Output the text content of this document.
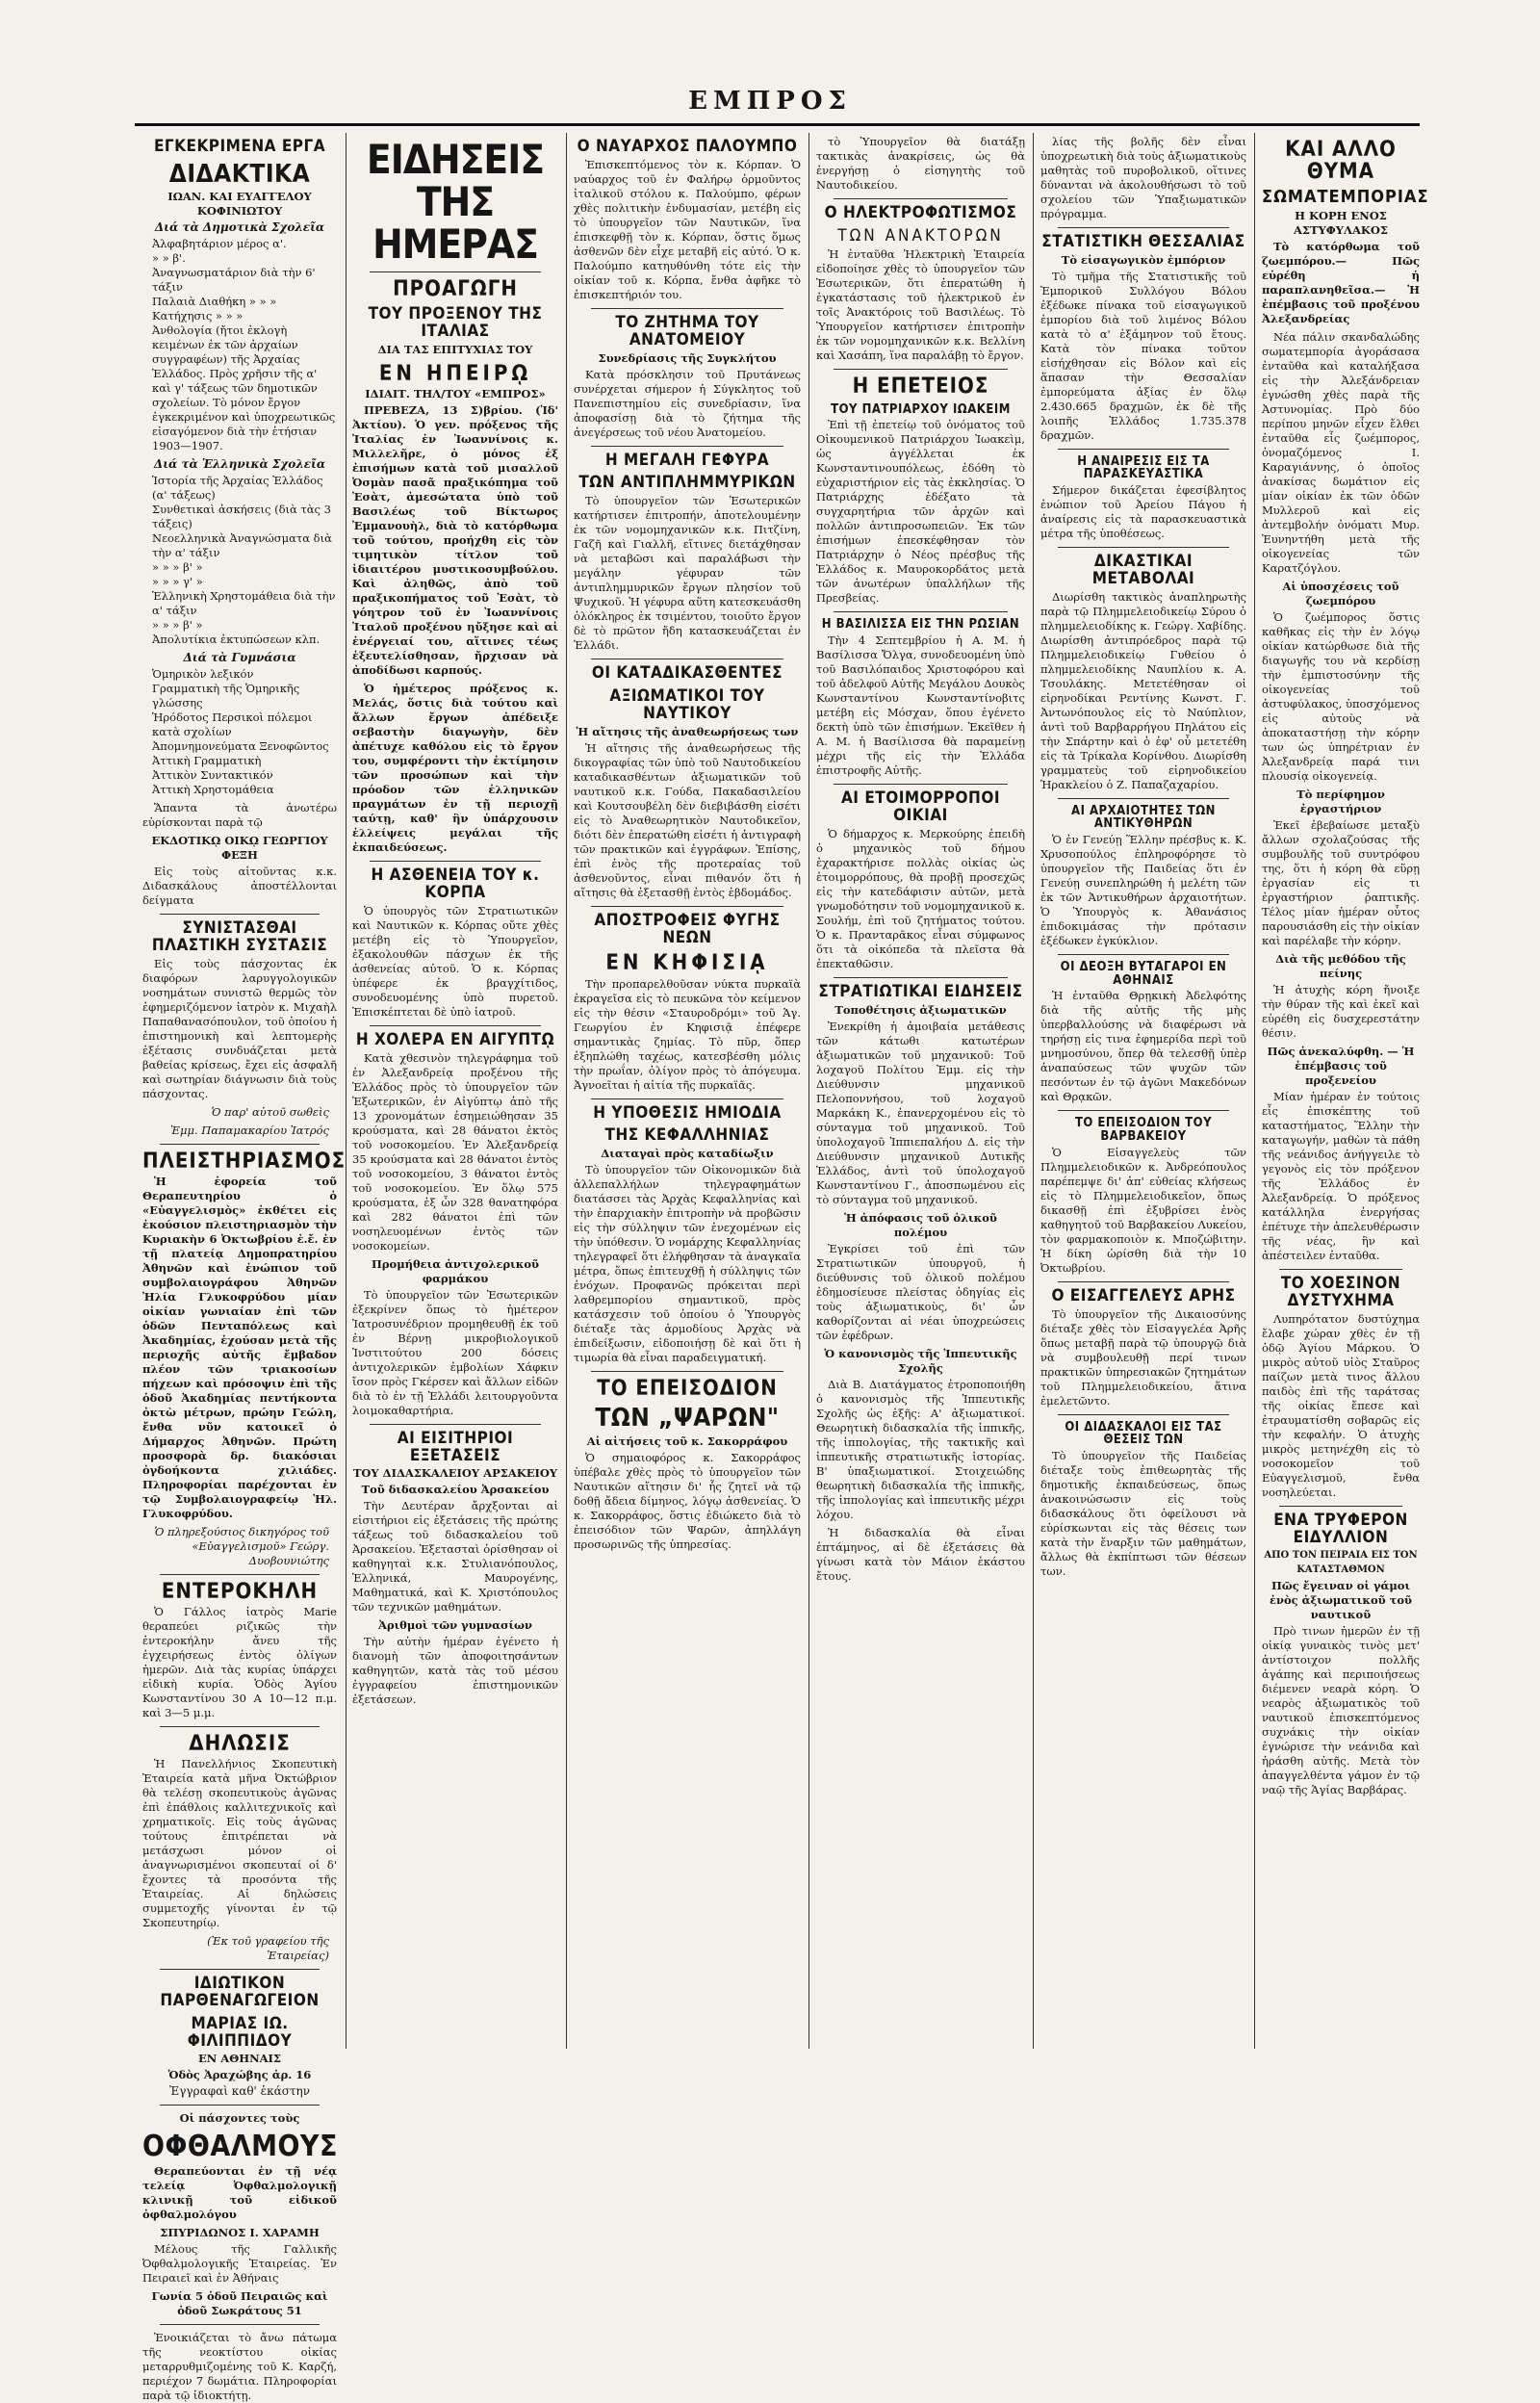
ΕΜΠΡΟΣ
ΕΓΚΕΚΡΙΜΕΝΑ ΕΡΓΑ
ΔΙΔΑΚΤΙΚΑ
ΙΩΑΝ. ΚΑΙ ΕΥΑΓΓΕΛΟΥ ΚΟΦΙΝΙΩΤΟΥ
Διά τὰ Δημοτικὰ Σχολεῖα
Ἀλφαβητάριον μέρος α'.
» » β'.
Ἀναγνωσματάριον διὰ τὴν 6' τάξιν
Παλαιὰ Διαθήκη » » »
Κατήχησις » » »
Ἀνθολογία (ἤτοι ἐκλογὴ κειμένων ἐκ τῶν ἀρχαίων συγγραφέων) τῆς Ἀρχαίας Ἑλλάδος. Πρὸς χρῆσιν τῆς α' καὶ γ' τάξεως τῶν δημοτικῶν σχολείων. Τὸ μόνον ἔργον ἐγκεκριμένον καὶ ὑποχρεωτικῶς εἰσαγόμενον διὰ τὴν ἑτήσιαν 1903—1907.
Διά τὰ Ἑλληνικὰ Σχολεῖα
Ἱστορία τῆς Ἀρχαίας Ἑλλάδος (α' τάξεως)
Συνθετικαὶ ἀσκήσεις (διὰ τὰς 3 τάξεις)
Νεοελληνικὰ Ἀναγνώσματα διὰ τὴν α' τάξιν
» » » β' »
» » » γ' »
Ἑλληνικὴ Χρηστομάθεια διὰ τὴν α' τάξιν
» » » β' »
Ἀπολυτίκια ἐκτυπώσεων κλπ.
Διά τὰ Γυμνάσια
Ὁμηρικὸν λεξικόν
Γραμματικὴ τῆς Ὁμηρικῆς γλώσσης
Ἡρόδοτος Περσικοὶ πόλεμοι κατὰ σχολίων
Ἀπομνημονεύματα Ξενοφῶντος
Ἀττικὴ Γραμματικὴ
Ἀττικὸν Συντακτικόν
Ἀττικὴ Χρηστομάθεια

Ἅπαντα τὰ ἀνωτέρω εὑρίσκονται παρὰ τῷ

ΕΚΔΟΤΙΚῼ ΟΙΚῼ ΓΕΩΡΓΙΟΥ ΦΕΞΗ

Εἰς τοὺς αἰτοῦντας κ.κ. Διδασκάλους ἀποστέλλονται δείγματα

ΣΥΝΙΣΤΑΣΘΑΙ ΠΛΑΣΤΙΚΗ ΣΥΣΤΑΣΙΣ

Εἰς τοὺς πάσχοντας ἐκ διαφόρων λαρυγγολογικῶν νοσημάτων συνιστῶ θερμῶς τὸν ἐφημεριζόμενον ἰατρὸν κ. Μιχαὴλ Παπαθανασόπουλον, τοῦ ὁποίου ἡ ἐπιστημονικὴ καὶ λεπτομερὴς ἐξέτασις συνδυάζεται μετὰ βαθείας κρίσεως, ἔχει εἰς ἀσφαλῆ καὶ σωτηρίαν διάγνωσιν διὰ τοὺς πάσχοντας.

Ὁ παρ' αὐτοῦ σωθεὶς
Ἐμμ. Παπαμακαρίου Ἰατρός
ΠΛΕΙΣΤΗΡΙΑΣΜΟΣ

Ἡ ἐφορεία τοῦ Θεραπευτηρίου ὁ «Εὐαγγελισμὸς» ἐκθέτει εἰς ἐκούσιον πλειστηριασμὸν τὴν Κυριακὴν 6 Ὀκτωβρίου ἐ.ἔ. ἐν τῇ πλατείᾳ Δημοπρατηρίου Ἀθηνῶν καὶ ἐνώπιον τοῦ συμβολαιογράφου Ἀθηνῶν Ἠλία Γλυκοφρύδου μίαν οἰκίαν γωνιαίαν ἐπὶ τῶν ὁδῶν Πενταπόλεως καὶ Ἀκαδημίας, ἐχούσαν μετὰ τῆς περιοχῆς αὐτῆς ἔμβαδον πλέον τῶν τριακοσίων πήχεων καὶ πρόσοψιν ἐπὶ τῆς ὁδοῦ Ἀκαδημίας πεντήκοντα ὀκτὼ μέτρων, πρώην Γεώλη, ἔνθα νῦν κατοικεῖ ὁ Δήμαρχος Ἀθηνῶν. Πρώτη προσφορὰ δρ. διακόσιαι ὀγδοήκοντα χιλιάδες. Πληροφορίαι παρέχονται ἐν τῷ Συμβολαιογραφείῳ Ἠλ. Γλυκοφρύδου.

Ὁ πληρεξούσιος δικηγόρος τοῦ «Εὐαγγελισμοῦ» Γεώργ. Δυοβουνιώτης
ΕΝΤΕΡΟΚΗΛΗ

Ὁ Γάλλος ἰατρὸς Marie θεραπεύει ριζικῶς τὴν ἐντεροκήλην ἄνευ τῆς ἐγχειρήσεως ἐντὸς ὀλίγων ἡμερῶν. Διὰ τὰς κυρίας ὑπάρχει εἰδικὴ κυρία. Ὁδὸς Ἁγίου Κωνσταντίνου 30 Α 10—12 π.μ. καὶ 3—5 μ.μ.

ΔΗΛΩΣΙΣ

Ἡ Πανελλήνιος Σκοπευτικὴ Ἑταιρεία κατὰ μῆνα Ὀκτώβριον θὰ τελέσῃ σκοπευτικοὺς ἀγῶνας ἐπὶ ἐπάθλοις καλλιτεχνικοῖς καὶ χρηματικοῖς. Εἰς τοὺς ἀγῶνας τούτους ἐπιτρέπεται νὰ μετάσχωσι μόνον οἱ ἀναγνωρισμένοι σκοπευταί οἱ δ' ἔχοντες τὰ προσόντα τῆς Ἑταιρείας. Αἱ δηλώσεις συμμετοχῆς γίνονται ἐν τῷ Σκοπευτηρίῳ.

(Ἐκ τοῦ γραφείου τῆς Ἑταιρείας)
ΙΔΙΩΤΙΚΟΝ ΠΑΡΘΕΝΑΓΩΓΕΙΟΝ
ΜΑΡΙΑΣ ΙΩ. ΦΙΛΙΠΠΙΔΟΥ
ΕΝ ΑΘΗΝΑΙΣ
Ὁδὸς Ἀραχώβης ἀρ. 16
Ἐγγραφαὶ καθ' ἑκάστην
Οἱ πάσχοντες τοὺς
ΟΦΘΑΛΜΟΥΣ

Θεραπεύονται ἐν τῇ νέᾳ τελείᾳ Ὀφθαλμολογικῇ κλινικῇ τοῦ εἰδικοῦ ὀφθαλμολόγου

ΣΠΥΡΙΔΩΝΟΣ Ι. ΧΑΡΑΜΗ

Μέλους τῆς Γαλλικῆς Ὀφθαλμολογικῆς Ἑταιρείας. Ἐν Πειραιεῖ καὶ ἐν Ἀθήναις

Γωνία 5 ὁδοῦ Πειραιῶς καὶ ὁδοῦ Σωκράτους 51

Ἐνοικιάζεται τὸ ἄνω πάτωμα τῆς νεοκτίστου οἰκίας μεταρρυθμιζομένης τοῦ Κ. Καρζή, περιέχον 7 δωμάτια. Πληροφορίαι παρὰ τῷ ἰδιοκτήτῃ.

ΕΙΔΗΣΕΙΣ ΤΗΣ ΗΜΕΡΑΣ
ΠΡΟΑΓΩΓΗ
ΤΟΥ ΠΡΟΞΕΝΟΥ ΤΗΣ ΙΤΑΛΙΑΣ
ΔΙΑ ΤΑΣ ΕΠΙΤΥΧΙΑΣ ΤΟΥ
ΕΝ ΗΠΕΙΡῼ
ΙΔΙΑΙΤ. ΤΗΛ/ΤΟΥ «ΕΜΠΡΟΣ»

ΠΡΕΒΕΖΑ, 13 Σ)βρίου. (Ἰδ' Ἀκτίου). Ὁ γεν. πρόξενος τῆς Ἰταλίας ἐν Ἰωαννίνοις κ. Μιλλελῆρε, ὁ μόνος ἐξ ἐπισήμων κατὰ τοῦ μισαλλοῦ Ὀσμὰν πασᾶ πραξικόπημα τοῦ Ἐσὰτ, ἀμεσώτατα ὑπὸ τοῦ Βασιλέως τοῦ Βίκτωρος Ἐμμανουὴλ, διὰ τὸ κατόρθωμα τοῦ τούτου, προήχθη εἰς τὸν τιμητικὸν τίτλον τοῦ ἰδιαιτέρου μυστικοσυμβούλου. Καὶ ἀληθῶς, ἀπὸ τοῦ πραξικοπήματος τοῦ Ἐσὰτ, τὸ γόητρον τοῦ ἐν Ἰωαννίνοις Ἰταλοῦ προξένου ηὔξησε καὶ αἱ ἐνέργειαί του, αἵτινες τέως ἐξευτελίσθησαν, ἤρχισαν νὰ ἀποδίδωσι καρπούς.

Ὁ ἡμέτερος πρόξενος κ. Μελάς, ὅστις διὰ τούτου καὶ ἄλλων ἔργων ἀπέδειξε σεβαστὴν διαγωγὴν, δὲν ἀπέτυχε καθόλου εἰς τὸ ἔργον του, συμφέροντι τὴν ἐκτίμησιν τῶν προσώπων καὶ τὴν πρόοδον τῶν ἑλληνικῶν πραγμάτων ἐν τῇ περιοχῇ ταύτῃ, καθ' ἣν ὑπάρχουσιν ἐλλείψεις μεγάλαι τῆς ἐκπαιδεύσεως.

Η ΑΣΘΕΝΕΙΑ ΤΟΥ κ. ΚΟΡΠΑ

Ὁ ὑπουργὸς τῶν Στρατιωτικῶν καὶ Ναυτικῶν κ. Κόρπας οὔτε χθὲς μετέβη εἰς τὸ Ὑπουργεῖον, ἐξακολουθῶν πάσχων ἐκ τῆς ἀσθενείας αὐτοῦ. Ὁ κ. Κόρπας ὑπέφερε ἐκ βραγχίτιδος, συνοδευομένης ὑπὸ πυρετοῦ. Ἐπισκέπτεται δὲ ὑπὸ ἰατροῦ.

Η ΧΟΛΕΡΑ ΕΝ ΑΙΓΥΠΤῼ

Κατὰ χθεσινὸν τηλεγράφημα τοῦ ἐν Ἀλεξανδρείᾳ προξένου τῆς Ἑλλάδος πρὸς τὸ ὑπουργεῖον τῶν Ἐξωτερικῶν, ἐν Αἰγύπτῳ ἀπὸ τῆς 13 χρονομάτων ἐσημειώθησαν 35 κρούσματα, καὶ 28 θάνατοι ἐκτὸς τοῦ νοσοκομείου. Ἐν Ἀλεξανδρείᾳ 35 κρούσματα καὶ 28 θάνατοι ἐντὸς τοῦ νοσοκομείου, 3 θάνατοι ἐντὸς τοῦ νοσοκομείου. Ἐν ὅλῳ 575 κρούσματα, ἐξ ὧν 328 θανατηφόρα καὶ 282 θάνατοι ἐπὶ τῶν νοσηλευομένων ἐντὸς τῶν νοσοκομείων.

Προμήθεια ἀντιχολερικοῦ φαρμάκου

Τὸ ὑπουργεῖον τῶν Ἐσωτερικῶν ἐξεκρίνεν ὅπως τὸ ἡμέτερον Ἰατροσυνέδριον προμηθευθῇ ἐκ τοῦ ἐν Βέρνῃ μικροβιολογικοῦ Ἰνστιτούτου 200 δόσεις ἀντιχολερικῶν ἐμβολίων Χάφκιν ἴσον πρὸς Γκέρσεν καὶ ἄλλων εἰδῶν διὰ τὸ ἐν τῇ Ἑλλάδι λειτουργοῦντα λοιμοκαθαρτήρια.

ΑΙ ΕΙΣΙΤΗΡΙΟΙ ΕΞΕΤΑΣΕΙΣ
ΤΟΥ ΔΙΔΑΣΚΑΛΕΙΟΥ ΑΡΣΑΚΕΙΟΥ
Τοῦ διδασκαλείου Ἀρσακείου

Τὴν Δευτέραν ἄρχξονται αἱ εἰσιτήριοι εἰς ἐξετάσεις τῆς πρώτης τάξεως τοῦ διδασκαλείου τοῦ Ἀρσακείου. Ἐξετασταὶ ὁρίσθησαν οἱ καθηγηταὶ κ.κ. Στυλιανόπουλος, Ἑλληνικά, Μαυρογένης, Μαθηματικά, καὶ Κ. Χριστόπουλος τῶν τεχνικῶν μαθημάτων.

Ἀριθμοὶ τῶν γυμνασίων

Τὴν αὐτὴν ἡμέραν ἐγένετο ἡ διανομὴ τῶν ἀποφοιτησάντων καθηγητῶν, κατὰ τὰς τοῦ μέσου ἐγγραφείου ἐπιστημονικῶν ἐξετάσεων.

Ο ΝΑΥΑΡΧΟΣ ΠΑΛΟΥΜΠΟ

Ἐπισκεπτόμενος τὸν κ. Κόρπαν. Ὁ ναύαρχος τοῦ ἐν Φαλήρῳ ὁρμοῦντος ἰταλικοῦ στόλου κ. Παλούμπο, φέρων χθὲς πολιτικὴν ἐνδυμασίαν, μετέβη εἰς τὸ ὑπουργεῖον τῶν Ναυτικῶν, ἵνα ἐπισκεφθῇ τὸν κ. Κόρπαν, ὅστις ὅμως ἀσθενῶν δὲν εἶχε μεταβῆ εἰς αὐτό. Ὁ κ. Παλούμπο κατηυθύνθη τότε εἰς τὴν οἰκίαν τοῦ κ. Κόρπα, ἔνθα ἀφῆκε τὸ ἐπισκεπτήριόν του.

ΤΟ ΖΗΤΗΜΑ ΤΟΥ ΑΝΑΤΟΜΕΙΟΥ
Συνεδρίασις τῆς Συγκλήτου

Κατὰ πρόσκλησιν τοῦ Πρυτάνεως συνέρχεται σήμερον ἡ Σύγκλητος τοῦ Πανεπιστημίου εἰς συνεδρίασιν, ἵνα ἀποφασίσῃ διὰ τὸ ζήτημα τῆς ἀνεγέρσεως τοῦ νέου Ἀνατομείου.

Η ΜΕΓΑΛΗ ΓΕΦΥΡΑ
ΤΩΝ ΑΝΤΙΠΛΗΜΜΥΡΙΚΩΝ

Τὸ ὑπουργεῖον τῶν Ἐσωτερικῶν κατήρτισεν ἐπιτροπήν, ἀποτελουμένην ἐκ τῶν νομομηχανικῶν κ.κ. Πιτζίνη, Γαζῆ καὶ Γιαλλῆ, εἴτινες διετάχθησαν νὰ μεταβῶσι καὶ παραλάβωσι τὴν μεγάλην γέφυραν τῶν ἀντιπλημμυρικῶν ἔργων πλησίον τοῦ Ψυχικοῦ. Ἡ γέφυρα αὕτη κατεσκευάσθη ὁλόκληρος ἐκ τσιμέντου, τοιοῦτο ἔργον δὲ τὸ πρῶτον ἤδη κατασκευάζεται ἐν Ἑλλάδι.

ΟΙ ΚΑΤΑΔΙΚΑΣΘΕΝΤΕΣ
ΑΞΙΩΜΑΤΙΚΟΙ ΤΟΥ ΝΑΥΤΙΚΟΥ
Ἡ αἴτησις τῆς ἀναθεωρήσεως των

Ἡ αἴτησις τῆς ἀναθεωρήσεως τῆς δικογραφίας τῶν ὑπὸ τοῦ Ναυτοδικείου καταδικασθέντων ἀξιωματικῶν τοῦ ναυτικοῦ κ.κ. Γούδα, Πακαδασιλείου καὶ Κουτσουβέλη δὲν διεβιβάσθη εἰσέτι εἰς τὸ Ἀναθεωρητικὸν Ναυτοδικεῖον, διότι δὲν ἐπερατώθη εἰσέτι ἡ ἀντιγραφὴ τῶν πρακτικῶν καὶ ἐγγράφων. Ἐπίσης, ἐπὶ ἐνὸς τῆς προτεραίας τοῦ ἀσθενοῦντος, εἶναι πιθανόν ὅτι ἡ αἴτησις θὰ ἐξετασθῇ ἐντὸς ἑβδομάδος.

ΑΠΟΣΤΡΟΦΕΙΣ ΦΥΓΗΣ ΝΕΩΝ
ΕΝ ΚΗΦΙΣΙᾼ

Τὴν προπαρελθοῦσαν νύκτα πυρκαϊὰ ἐκραγεῖσα εἰς τὸ πευκῶνα τὸν κείμενον εἰς τὴν θέσιν «Σταυροδρόμι» τοῦ Ἁγ. Γεωργίου ἐν Κηφισιᾷ ἐπέφερε σημαντικὰς ζημίας. Τὸ πῦρ, ὅπερ ἐξηπλώθη ταχέως, κατεσβέσθη μόλις τὴν πρωΐαν, ὀλίγον πρὸς τὸ ἀπόγευμα. Ἀγνοεῖται ἡ αἰτία τῆς πυρκαϊᾶς.

Η ΥΠΟΘΕΣΙΣ ΗΜΙΟΔΙΑ
ΤΗΣ ΚΕΦΑΛΛΗΝΙΑΣ
Διαταγαὶ πρὸς καταδίωξιν

Τὸ ὑπουργεῖον τῶν Οἰκονομικῶν διὰ ἀλλεπαλλήλων τηλεγραφημάτων διατάσσει τὰς Ἀρχὰς Κεφαλληνίας καὶ τὴν ἐπαρχιακὴν ἐπιτροπὴν νὰ προβῶσιν εἰς τὴν σύλληψιν τῶν ἐνεχομένων εἰς τὴν ὑπόθεσιν. Ὁ νομάρχης Κεφαλληνίας τηλεγραφεῖ ὅτι ἐλήφθησαν τὰ ἀναγκαῖα μέτρα, ὅπως ἐπιτευχθῇ ἡ σύλληψις τῶν ἐνόχων. Προφανῶς πρόκειται περὶ λαθρεμπορίου σημαντικοῦ, πρὸς κατάσχεσιν τοῦ ὁποίου ὁ Ὑπουργὸς διέταξε τὰς ἁρμοδίους Ἀρχὰς νὰ ἐπιδείξωσιν, εἰδοποιήσῃ δὲ καὶ ὅτι ἡ τιμωρία θὰ εἶναι παραδειγματική.

ΤΟ ΕΠΕΙΣΟΔΙΟΝ
ΤΩΝ „ΨΑΡΩΝ"
Αἱ αἰτήσεις τοῦ κ. Σακορράφου

Ὁ σημαιοφόρος κ. Σακορράφος ὑπέβαλε χθὲς πρὸς τὸ ὑπουργεῖον τῶν Ναυτικῶν αἴτησιν δι' ἧς ζητεῖ νὰ τῷ δοθῇ ἄδεια δίμηνος, λόγῳ ἀσθενείας. Ὁ κ. Σακορράφος, ὅστις ἐδιώκετο διὰ τὸ ἐπεισόδιον τῶν Ψαρῶν, ἀπηλλάγη προσωρινῶς τῆς ὑπηρεσίας.

τὸ Ὑπουργεῖον θὰ διατάξῃ τακτικὰς ἀνακρίσεις, ὡς θὰ ἐνεργήσῃ ὁ εἰσηγητὴς τοῦ Ναυτοδικείου.

Ο ΗΛΕΚΤΡΟΦΩΤΙΣΜΟΣ
ΤΩΝ ΑΝΑΚΤΟΡΩΝ

Ἡ ἐνταῦθα Ἠλεκτρικὴ Ἑταιρεία εἰδοποίησε χθὲς τὸ ὑπουργεῖον τῶν Ἐσωτερικῶν, ὅτι ἐπερατώθη ἡ ἐγκατάστασις τοῦ ἠλεκτρικοῦ ἐν τοῖς Ἀνακτόροις τοῦ Βασιλέως. Τὸ Ὑπουργεῖον κατήρτισεν ἐπιτροπὴν ἐκ τῶν νομομηχανικῶν κ.κ. Βελλίνη καὶ Χασάπη, ἵνα παραλάβῃ τὸ ἔργον.

Η ΕΠΕΤΕΙΟΣ
ΤΟΥ ΠΑΤΡΙΑΡΧΟΥ ΙΩΑΚΕΙΜ

Ἐπὶ τῇ ἐπετείῳ τοῦ ὀνόματος τοῦ Οἰκουμενικοῦ Πατριάρχου Ἰωακεὶμ, ὡς ἀγγέλλεται ἐκ Κωνσταντινουπόλεως, ἐδόθη τὸ εὐχαριστήριον εἰς τὰς ἐκκλησίας. Ὁ Πατριάρχης ἐδέξατο τὰ συγχαρητήρια τῶν ἀρχῶν καὶ πολλῶν ἀντιπροσωπειῶν. Ἐκ τῶν ἐπισήμων ἐπεσκέφθησαν τὸν Πατριάρχην ὁ Νέος πρέσβυς τῆς Ἑλλάδος κ. Μαυροκορδάτος μετὰ τῶν ἀνωτέρων ὑπαλλήλων τῆς Πρεσβείας.

Η ΒΑΣΙΛΙΣΣΑ ΕΙΣ ΤΗΝ ΡΩΣΙΑΝ

Τὴν 4 Σεπτεμβρίου ἡ Α. Μ. ἡ Βασίλισσα Ὄλγα, συνοδευομένη ὑπὸ τοῦ Βασιλόπαιδος Χριστοφόρου καὶ τοῦ ἀδελφοῦ Αὐτῆς Μεγάλου Δουκὸς Κωνσταντίνου Κωνσταντίνοβιτς μετέβη εἰς Μόσχαν, ὅπου ἐγένετο δεκτὴ ὑπὸ τῶν ἐπισήμων. Ἐκεῖθεν ἡ Α. Μ. ἡ Βασίλισσα θὰ παραμείνῃ μέχρι τῆς εἰς τὴν Ἑλλάδα ἐπιστροφῆς Αὐτῆς.

ΑΙ ΕΤΟΙΜΟΡΡΟΠΟΙ ΟΙΚΙΑΙ

Ὁ δήμαρχος κ. Μερκούρης ἐπειδὴ ὁ μηχανικὸς τοῦ δήμου ἐχαρακτήρισε πολλὰς οἰκίας ὡς ἑτοιμορρόπους, θὰ προβῇ προσεχῶς εἰς τὴν κατεδάφισιν αὐτῶν, μετὰ γνωμοδότησιν τοῦ νομομηχανικοῦ κ. Σουλήμ, ἐπὶ τοῦ ζητήματος τούτου. Ὁ κ. Πρανταρᾶκος εἶναι σύμφωνος ὅτι τὰ οἰκόπεδα τὰ πλεῖστα θὰ ἐπεκταθῶσιν.

ΣΤΡΑΤΙΩΤΙΚΑΙ ΕΙΔΗΣΕΙΣ
Τοποθέτησις ἀξιωματικῶν

Ἐνεκρίθη ἡ ἀμοιβαία μετάθεσις τῶν κάτωθι κατωτέρων ἀξιωματικῶν τοῦ μηχανικοῦ: Τοῦ λοχαγοῦ Πολίτου Ἐμμ. εἰς τὴν Διεύθυνσιν μηχανικοῦ Πελοποννήσου, τοῦ λοχαγοῦ Μαρκάκη Κ., ἐπανερχομένου εἰς τὸ σύνταγμα τοῦ μηχανικοῦ. Τοῦ ὑπολοχαγοῦ Ἱππιεπαλήου Δ. εἰς τὴν Διεύθυνσιν μηχανικοῦ Δυτικῆς Ἑλλάδος, ἀντὶ τοῦ ὑπολοχαγοῦ Κωνσταντίνου Γ., ἀποσπωμένου εἰς τὸ σύνταγμα τοῦ μηχανικοῦ.

Ἡ ἀπόφασις τοῦ ὁλικοῦ πολέμου

Ἐγκρίσει τοῦ ἐπὶ τῶν Στρατιωτικῶν ὑπουργοῦ, ἡ διεύθυνσις τοῦ ὁλικοῦ πολέμου ἐδημοσίευσε πλείστας ὁδηγίας εἰς τοὺς ἀξιωματικοὺς, δι' ὧν καθορίζονται αἱ νέαι ὑποχρεώσεις τῶν ἐφέδρων.

Ὁ κανονισμὸς τῆς Ἱππευτικῆς Σχολῆς

Διὰ Β. Διατάγματος ἐτροποποιήθη ὁ κανονισμὸς τῆς Ἱππευτικῆς Σχολῆς ὡς ἑξῆς: Α' ἀξιωματικοί. Θεωρητικὴ διδασκαλία τῆς ἱππικῆς, τῆς ἱππολογίας, τῆς τακτικῆς καὶ ἱππευτικῆς στρατιωτικῆς ἱστορίας. Β' ὑπαξιωματικοί. Στοιχειώδης θεωρητικὴ διδασκαλία τῆς ἱππικῆς, τῆς ἱππολογίας καὶ ἱππευτικῆς μέχρι λόχου.

Ἡ διδασκαλία θὰ εἶναι ἑπτάμηνος, αἱ δὲ ἐξετάσεις θὰ γίνωσι κατὰ τὸν Μάιον ἑκάστου ἔτους.

λίας τῆς βολῆς δὲν εἶναι ὑποχρεωτικὴ διὰ τοὺς ἀξιωματικοὺς μαθητὰς τοῦ πυροβολικοῦ, οἵτινες δύνανται νὰ ἀκολουθήσωσι τὸ τοῦ σχολείου τῶν Ὑπαξιωματικῶν πρόγραμμα.

ΣΤΑΤΙΣΤΙΚΗ ΘΕΣΣΑΛΙΑΣ
Τὸ εἰσαγωγικὸν ἐμπόριον

Τὸ τμῆμα τῆς Στατιστικῆς τοῦ Ἐμπορικοῦ Συλλόγου Βόλου ἐξέδωκε πίνακα τοῦ εἰσαγωγικοῦ ἐμπορίου διὰ τοῦ λιμένος Βόλου κατὰ τὸ α' ἑξάμηνον τοῦ ἔτους. Κατὰ τὸν πίνακα τοῦτον εἰσήχθησαν εἰς Βόλον καὶ εἰς ἅπασαν τὴν Θεσσαλίαν ἐμπορεύματα ἀξίας ἐν ὅλῳ 2.430.665 δραχμῶν, ἐκ δὲ τῆς λοιπῆς Ἑλλάδος 1.735.378 δραχμῶν.

Η ΑΝΑΙΡΕΣΙΣ ΕΙΣ ΤΑ ΠΑΡΑΣΚΕΥΑΣΤΙΚΑ

Σήμερον δικάζεται ἐφεσίβλητος ἐνώπιον τοῦ Ἀρείου Πάγου ἡ ἀναίρεσις εἰς τὰ παρασκευαστικὰ μέτρα τῆς ὑποθέσεως.

ΔΙΚΑΣΤΙΚΑΙ ΜΕΤΑΒΟΛΑΙ

Διωρίσθη τακτικὸς ἀναπληρωτὴς παρὰ τῷ Πλημμελειοδικείῳ Σύρου ὁ πλημμελειοδίκης κ. Γεώργ. Χαβίδης. Διωρίσθη ἀντιπρόεδρος παρὰ τῷ Πλημμελειοδικείῳ Γυθείου ὁ πλημμελειοδίκης Ναυπλίου κ. Α. Τσουλάκης. Μετετέθησαν οἱ εἰρηνοδίκαι Ρεντίνης Κωνστ. Γ. Ἀντωνόπουλος εἰς τὸ Ναύπλιον, ἀντὶ τοῦ Βαρβαρρήγου Πηλάτου εἰς τὴν Σπάρτην καὶ ὁ ἐφ' οὗ μετετέθη εἰς τὰ Τρίκαλα Κορίνθου. Διωρίσθη γραμματεὺς τοῦ εἰρηνοδικείου Ἡρακλείου ὁ Ζ. Παπαζαχαρίου.

ΑΙ ΑΡΧΑΙΟΤΗΤΕΣ ΤΩΝ ΑΝΤΙΚΥΘΗΡΩΝ

Ὁ ἐν Γενεύῃ Ἕλλην πρέσβυς κ. Κ. Χρυσοπούλος ἐπληροφόρησε τὸ ὑπουργεῖον τῆς Παιδείας ὅτι ἐν Γενεύῃ συνεπληρώθη ἡ μελέτη τῶν ἐκ τῶν Ἀντικυθήρων ἀρχαιοτήτων. Ὁ Ὑπουργὸς κ. Ἀθανάσιος ἐπιδοκιμάσας τὴν πρότασιν ἐξέδωκεν ἐγκύκλιον.

ΟΙ ΔΕΟΞΗ ΒΥΤΑΓΑΡΟΙ ΕΝ ΑΘΗΝΑΙΣ

Ἡ ἐνταῦθα Θρῃκικὴ Ἀδελφότης διὰ τῆς αὐτῆς τῆς μὴς ὑπερβαλλούσης νὰ διαφέρωσι νὰ τηρήσῃ εἰς τινα ἐφημερίδα περὶ τοῦ μνημοσύνου, ὅπερ θὰ τελεσθῇ ὑπὲρ ἀναπαύσεως τῶν ψυχῶν τῶν πεσόντων ἐν τῷ ἀγῶνι Μακεδόνων καὶ Θρᾳκῶν.

ΤΟ ΕΠΕΙΣΟΔΙΟΝ ΤΟΥ ΒΑΡΒΑΚΕΙΟΥ

Ὁ Εἰσαγγελεὺς τῶν Πλημμελειοδικῶν κ. Ἀνδρεόπουλος παρέπεμψε δι' ἀπ' εὐθείας κλήσεως εἰς τὸ Πλημμελειοδικεῖον, ὅπως δικασθῇ ἐπὶ ἐξυβρίσει ἐνὸς καθηγητοῦ τοῦ Βαρβακείου Λυκείου, τὸν φαρμακοποιὸν κ. Μποζώβιτην. Ἡ δίκη ὡρίσθη διὰ τὴν 10 Ὀκτωβρίου.

Ο ΕΙΣΑΓΓΕΛΕΥΣ ΑΡΗΣ

Τὸ ὑπουργεῖον τῆς Δικαιοσύνης διέταξε χθὲς τὸν Εἰσαγγελέα Ἀρῆς ὅπως μεταβῇ παρὰ τῷ ὑπουργῷ διὰ νὰ συμβουλευθῇ περί τινων πρακτικῶν ὑπηρεσιακῶν ζητημάτων τοῦ Πλημμελειοδικείου, ἅτινα ἐμελετῶντο.

ΟΙ ΔΙΔΑΣΚΑΛΟΙ ΕΙΣ ΤΑΣ ΘΕΣΕΙΣ ΤΩΝ

Τὸ ὑπουργεῖον τῆς Παιδείας διέταξε τοὺς ἐπιθεωρητὰς τῆς δημοτικῆς ἐκπαιδεύσεως, ὅπως ἀνακοινώσωσιν εἰς τοὺς διδασκάλους ὅτι ὀφείλουσι νὰ εὑρίσκωνται εἰς τὰς θέσεις των κατὰ τὴν ἔναρξιν τῶν μαθημάτων, ἄλλως θὰ ἐκπίπτωσι τῶν θέσεων των.

ΚΑΙ ΑΛΛΟ ΘΥΜΑ
ΣΩΜΑΤΕΜΠΟΡΙΑΣ
Η ΚΟΡΗ ΕΝΟΣ ΑΣΤΥΦΥΛΑΚΟΣ

Τὸ κατόρθωμα τοῦ ζωεμπόρου.— Πῶς εὑρέθη ἡ παραπλανηθεῖσα.— Ἡ ἐπέμβασις τοῦ προξένου Ἀλεξανδρείας

Νέα πάλιν σκανδαλώδης σωματεμπορία ἀγοράσασα ἐνταῦθα καὶ καταλήξασα εἰς τὴν Ἀλεξάνδρειαν ἐγνώσθη χθὲς παρὰ τῆς Ἀστυνομίας. Πρὸ δύο περίπου μηνῶν εἶχεν ἔλθει ἐνταῦθα εἷς ζωέμπορος, ὀνομαζόμενος Ι. Καραγιάννης, ὁ ὁποῖος ἀνακίσας δωμάτιον εἰς μίαν οἰκίαν ἐκ τῶν ὁδῶν Μυλλεροῦ καὶ εἰς ἀντεμβολήν ὀνόματι Μυρ. Ἐυνηντήθη μετὰ τῆς οἰκογενείας τῶν Καρατζόγλου.

Αἱ ὑποσχέσεις τοῦ ζωεμπόρου

Ὁ ζωέμπορος ὅστις καθῆκας εἰς τὴν ἐν λόγῳ οἰκίαν κατώρθωσε διὰ τῆς διαγωγῆς του νὰ κερδίσῃ τὴν ἐμπιστοσύνην τῆς οἰκογενείας τοῦ ἀστυφύλακος, ὑποσχόμενος εἰς αὐτοὺς νὰ ἀποκαταστήσῃ τὴν κόρην των ὡς ὑπηρέτριαν ἐν Ἀλεξανδρείᾳ παρά τινι πλουσίᾳ οἰκογενείᾳ.

Τὸ περίφημον ἐργαστήριον

Ἐκεῖ ἐβεβαίωσε μεταξὺ ἄλλων σχολαζούσας τῆς συμβουλῆς τοῦ συντρόφου της, ὅτι ἡ κόρη θὰ εὕρῃ ἐργασίαν εἰς τι ἐργαστήριον ῥαπτικῆς. Τέλος μίαν ἡμέραν οὗτος παρουσιάσθη εἰς τὴν οἰκίαν καὶ παρέλαβε τὴν κόρην.

Διὰ τῆς μεθόδου τῆς πείνης

Ἡ ἀτυχὴς κόρη ἤνοιξε τὴν θύραν τῆς καὶ ἐκεῖ καὶ εὑρέθη εἰς δυσχερεστάτην θέσιν.

Πῶς ἀνεκαλύφθη. — Ἡ ἐπέμβασις τοῦ προξενείου

Μίαν ἡμέραν ἐν τούτοις εἷς ἐπισκέπτης τοῦ καταστήματος, Ἕλλην τὴν καταγωγήν, μαθὼν τὰ πάθη τῆς νεάνιδος ἀνήγγειλε τὸ γεγονὸς εἰς τὸν πρόξενον τῆς Ἑλλάδος ἐν Ἀλεξανδρείᾳ. Ὁ πρόξενος κατάλληλα ἐνεργήσας ἐπέτυχε τὴν ἀπελευθέρωσιν τῆς νέας, ἣν καὶ ἀπέστειλεν ἐνταῦθα.

ΤΟ ΧΟΕΣΙΝΟΝ ΔΥΣΤΥΧΗΜΑ

Λυπηρότατον δυστύχημα ἔλαβε χώραν χθὲς ἐν τῇ ὁδῷ Ἁγίου Μάρκου. Ὁ μικρὸς αὐτοῦ υἱὸς Σταῦρος παίζων μετὰ τινος ἄλλου παιδὸς ἐπὶ τῆς ταράτσας τῆς οἰκίας ἔπεσε καὶ ἐτραυματίσθη σοβαρῶς εἰς τὴν κεφαλήν. Ὁ ἀτυχὴς μικρὸς μετηνέχθη εἰς τὸ νοσοκομεῖον τοῦ Εὐαγγελισμοῦ, ἔνθα νοσηλεύεται.

ΕΝΑ ΤΡΥΦΕΡΟΝ ΕΙΔΥΛΛΙΟΝ
ΑΠΟ ΤΟΝ ΠΕΙΡΑΙΑ ΕΙΣ ΤΟΝ ΚΑΤΑΣΤΑΘΜΟΝ
Πῶς ἔγειναν οἱ γάμοι ἑνὸς ἀξιωματικοῦ τοῦ ναυτικοῦ

Πρὸ τινων ἡμερῶν ἐν τῇ οἰκίᾳ γυναικὸς τινὸς μετ' ἀντίστοιχον πολλῆς ἀγάπης καὶ περιποιήσεως διέμενεν νεαρὰ κόρη. Ὁ νεαρὸς ἀξιωματικὸς τοῦ ναυτικοῦ ἐπισκεπτόμενος συχνάκις τὴν οἰκίαν ἐγνώρισε τὴν νεάνιδα καὶ ἠράσθη αὐτῆς. Μετὰ τὸν ἀπαγγελθέντα γάμον ἐν τῷ ναῷ τῆς Ἁγίας Βαρβάρας.
